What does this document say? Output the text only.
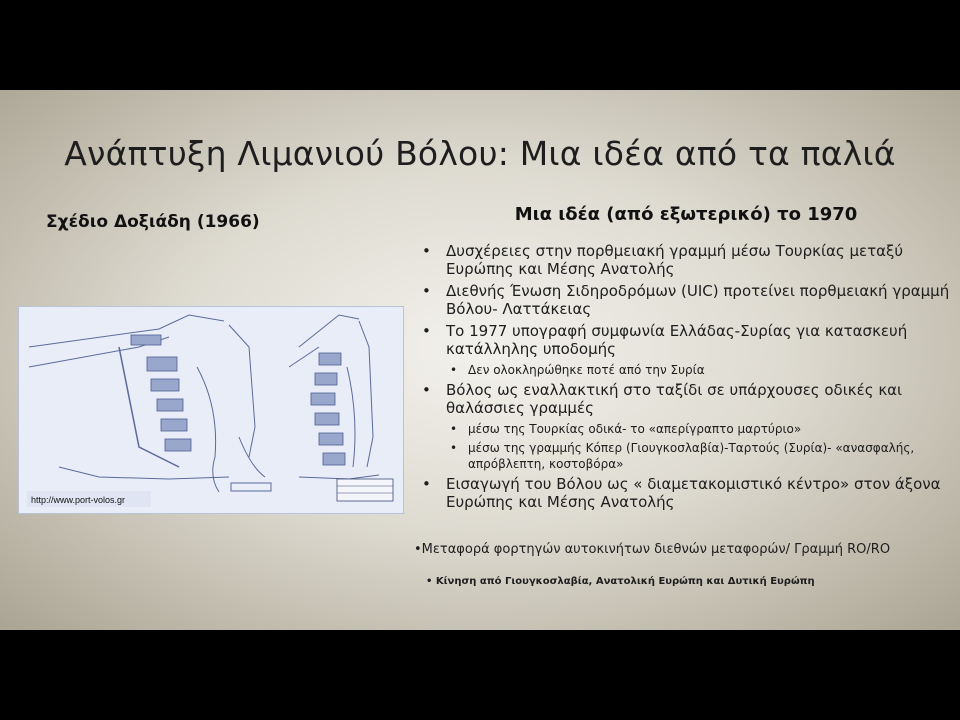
Ανάπτυξη Λιμανιού Βόλου: Μια ιδέα από τα παλιά
Σχέδιο Δοξιάδη (1966)	Μια ιδέα (από εξωτερικό) το 1970
http://www.port-volos.gr
• Δυσχέρειες στην πορθμειακή γραμμή μέσω Τουρκίας μεταξύ Ευρώπης και Μέσης Ανατολής
• Διεθνής Ένωση Σιδηροδρόμων (UIC) προτείνει πορθμειακή γραμμή Βόλου- Λαττάκειας
• Το 1977 υπογραφή συμφωνία Ελλάδας-Συρίας για κατασκευή κατάλληλης υποδομής
• Δεν ολοκληρώθηκε ποτέ από την Συρία
• Βόλος ως εναλλακτική στο ταξίδι σε υπάρχουσες οδικές και θαλάσσιες γραμμές
• μέσω της Τουρκίας οδικά- το «απερίγραπτο μαρτύριο»
• μέσω της γραμμής Κόπερ (Γιουγκοσλαβία)-Ταρτούς (Συρία)- «ανασφαλής, απρόβλεπτη, κοστοβόρα»
• Εισαγωγή του Βόλου ως « διαμετακομιστικό κέντρο» στον άξονα Ευρώπης και Μέσης Ανατολής
•Μεταφορά φορτηγών αυτοκινήτων διεθνών μεταφορών/ Γραμμή RO/RO
• Κίνηση από Γιουγκοσλαβία, Ανατολική Ευρώπη και Δυτική Ευρώπη
